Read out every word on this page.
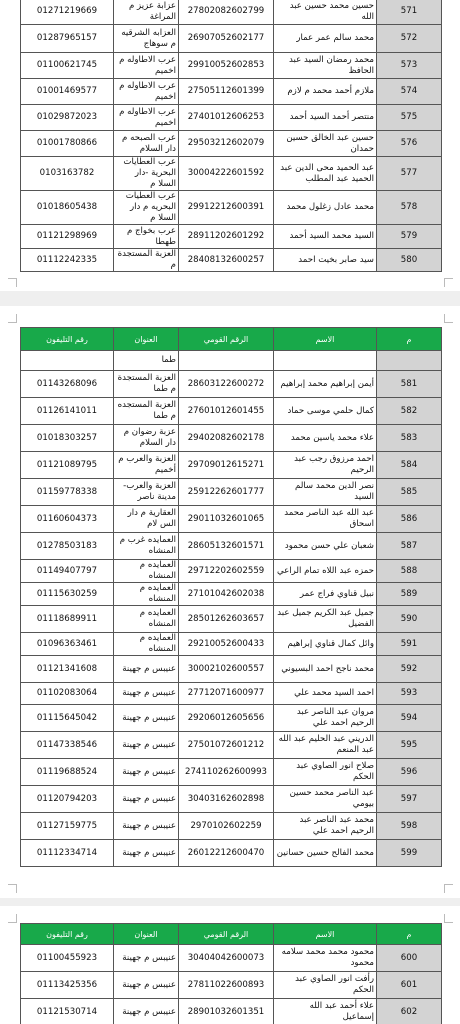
01271219669	عزابة عزيز م المراغة	27802082602799	حسين محمد حسين عبد الله	571
01287965157	العزابه الشرقيه م سوهاج	26907052602177	محمد سالم عمر عمار	572
01100621745	عرب الاطاوله م اخميم	29910052602853	محمد رمضان السيد عبد الحافظ	573
01001469577	عرب الاطاوله م اخميم	27505112601399	ملازم أحمد محمد م لازم	574
01029872023	عرب الاطاوله م اخميم	27401012606253	منتصر أحمد السيد أحمد	575
01001780866	عرب الصبحه م دار السلام	29503212602079	حسين عبد الخالق حسين حمدان	576
0103163782	عرب العطايات البحرية -دار السلا م	30004222601592	عبد الحميد محى الدين عبد الحميد عبد المطلب	577
01018605438	عرب العطيات البحريه م دار السلا م	29912212600391	محمد عادل زغلول محمد	578
01121298969	عرب بخواج م طهطا	28911202601292	السيد محمد السيد أحمد	579
01112242335	العزبة المستجدة م	28408132600257	سيد صابر بخيت احمد	580
رقم التليفون	العنوان	الرقم القومي	الاسم	م
	طما			
01143268096	العزبة المستجدة م طما	28603122600272	أيمن إبراهيم محمد إبراهيم	581
01126141011	العزبة المستجده م طما	27601012601455	كمال حلمي موسى حماد	582
01018303257	عزبة رضوان م دار السلام	29402082602178	علاء محمد ياسين محمد	583
01121089795	العزبة والعرب م أخميم	29709012615271	احمد مرزوق رجب عبد الرحيم	584
01159778338	العزبة والعرب- مدينة ناصر	25912262601777	نصر الدين محمد سالم السيد	585
01160604373	العقارية م دار الس لام	29011032601065	عبد الله عبد الناصر محمد اسحاق	586
01278503183	العمايده غرب م المنشاه	28605132601571	شعبان علي حسن محمود	587
01149407797	العمايده م المنشاه	29712202602559	حمزه عبد اللاه تمام الراعي	588
01115630259	العمايده م المنشاه	27101042602038	نبيل قناوي فراج عمر	589
01118689911	العمايده م المنشاه	28501262603657	جميل عبد الكريم جميل عبد الفضيل	590
01096363461	العمايده م المنشاه	29210052600433	وائل كمال قناوي إبراهيم	591
01121341608	عنيبس م جهينة	30002102600557	محمد ناجح احمد البسيوني	592
01102083064	عنيبس م جهينة	27712071600977	احمد السيد محمد علي	593
01115645042	عنيبس م جهينة	29206012605656	مروان عبد الناصر عبد الرحيم احمد علي	594
01147338546	عنيبس م جهينة	27501072601212	الدريني عبد الحليم عبد الله عبد المنعم	595
01119688524	عنيبس م جهينة	274110262600993	صلاح انور الصاوي عبد الحكم	596
01120794203	عنيبس م جهينة	30403162602898	عبد الناصر محمد حسين بيومي	597
01127159775	عنيبس م جهينة	2970102602259	محمد عبد الناصر عبد الرحيم احمد علي	598
01112334714	عنيبس م جهينة	26012212600470	محمد الفالح حسين حسانين	599
رقم التليفون	العنوان	الرقم القومي	الاسم	م
01100455923	عنيبس م جهينة	30404042600073	محمود محمد محمد سلامه محمود	600
01113425356	عنيبس م جهينة	27811022600893	رأفت انور الصاوي عبد الحكم	601
01121530714	عنيبس م جهينة	28901032601351	علاء أحمد عبد الله إسماعيل	602
